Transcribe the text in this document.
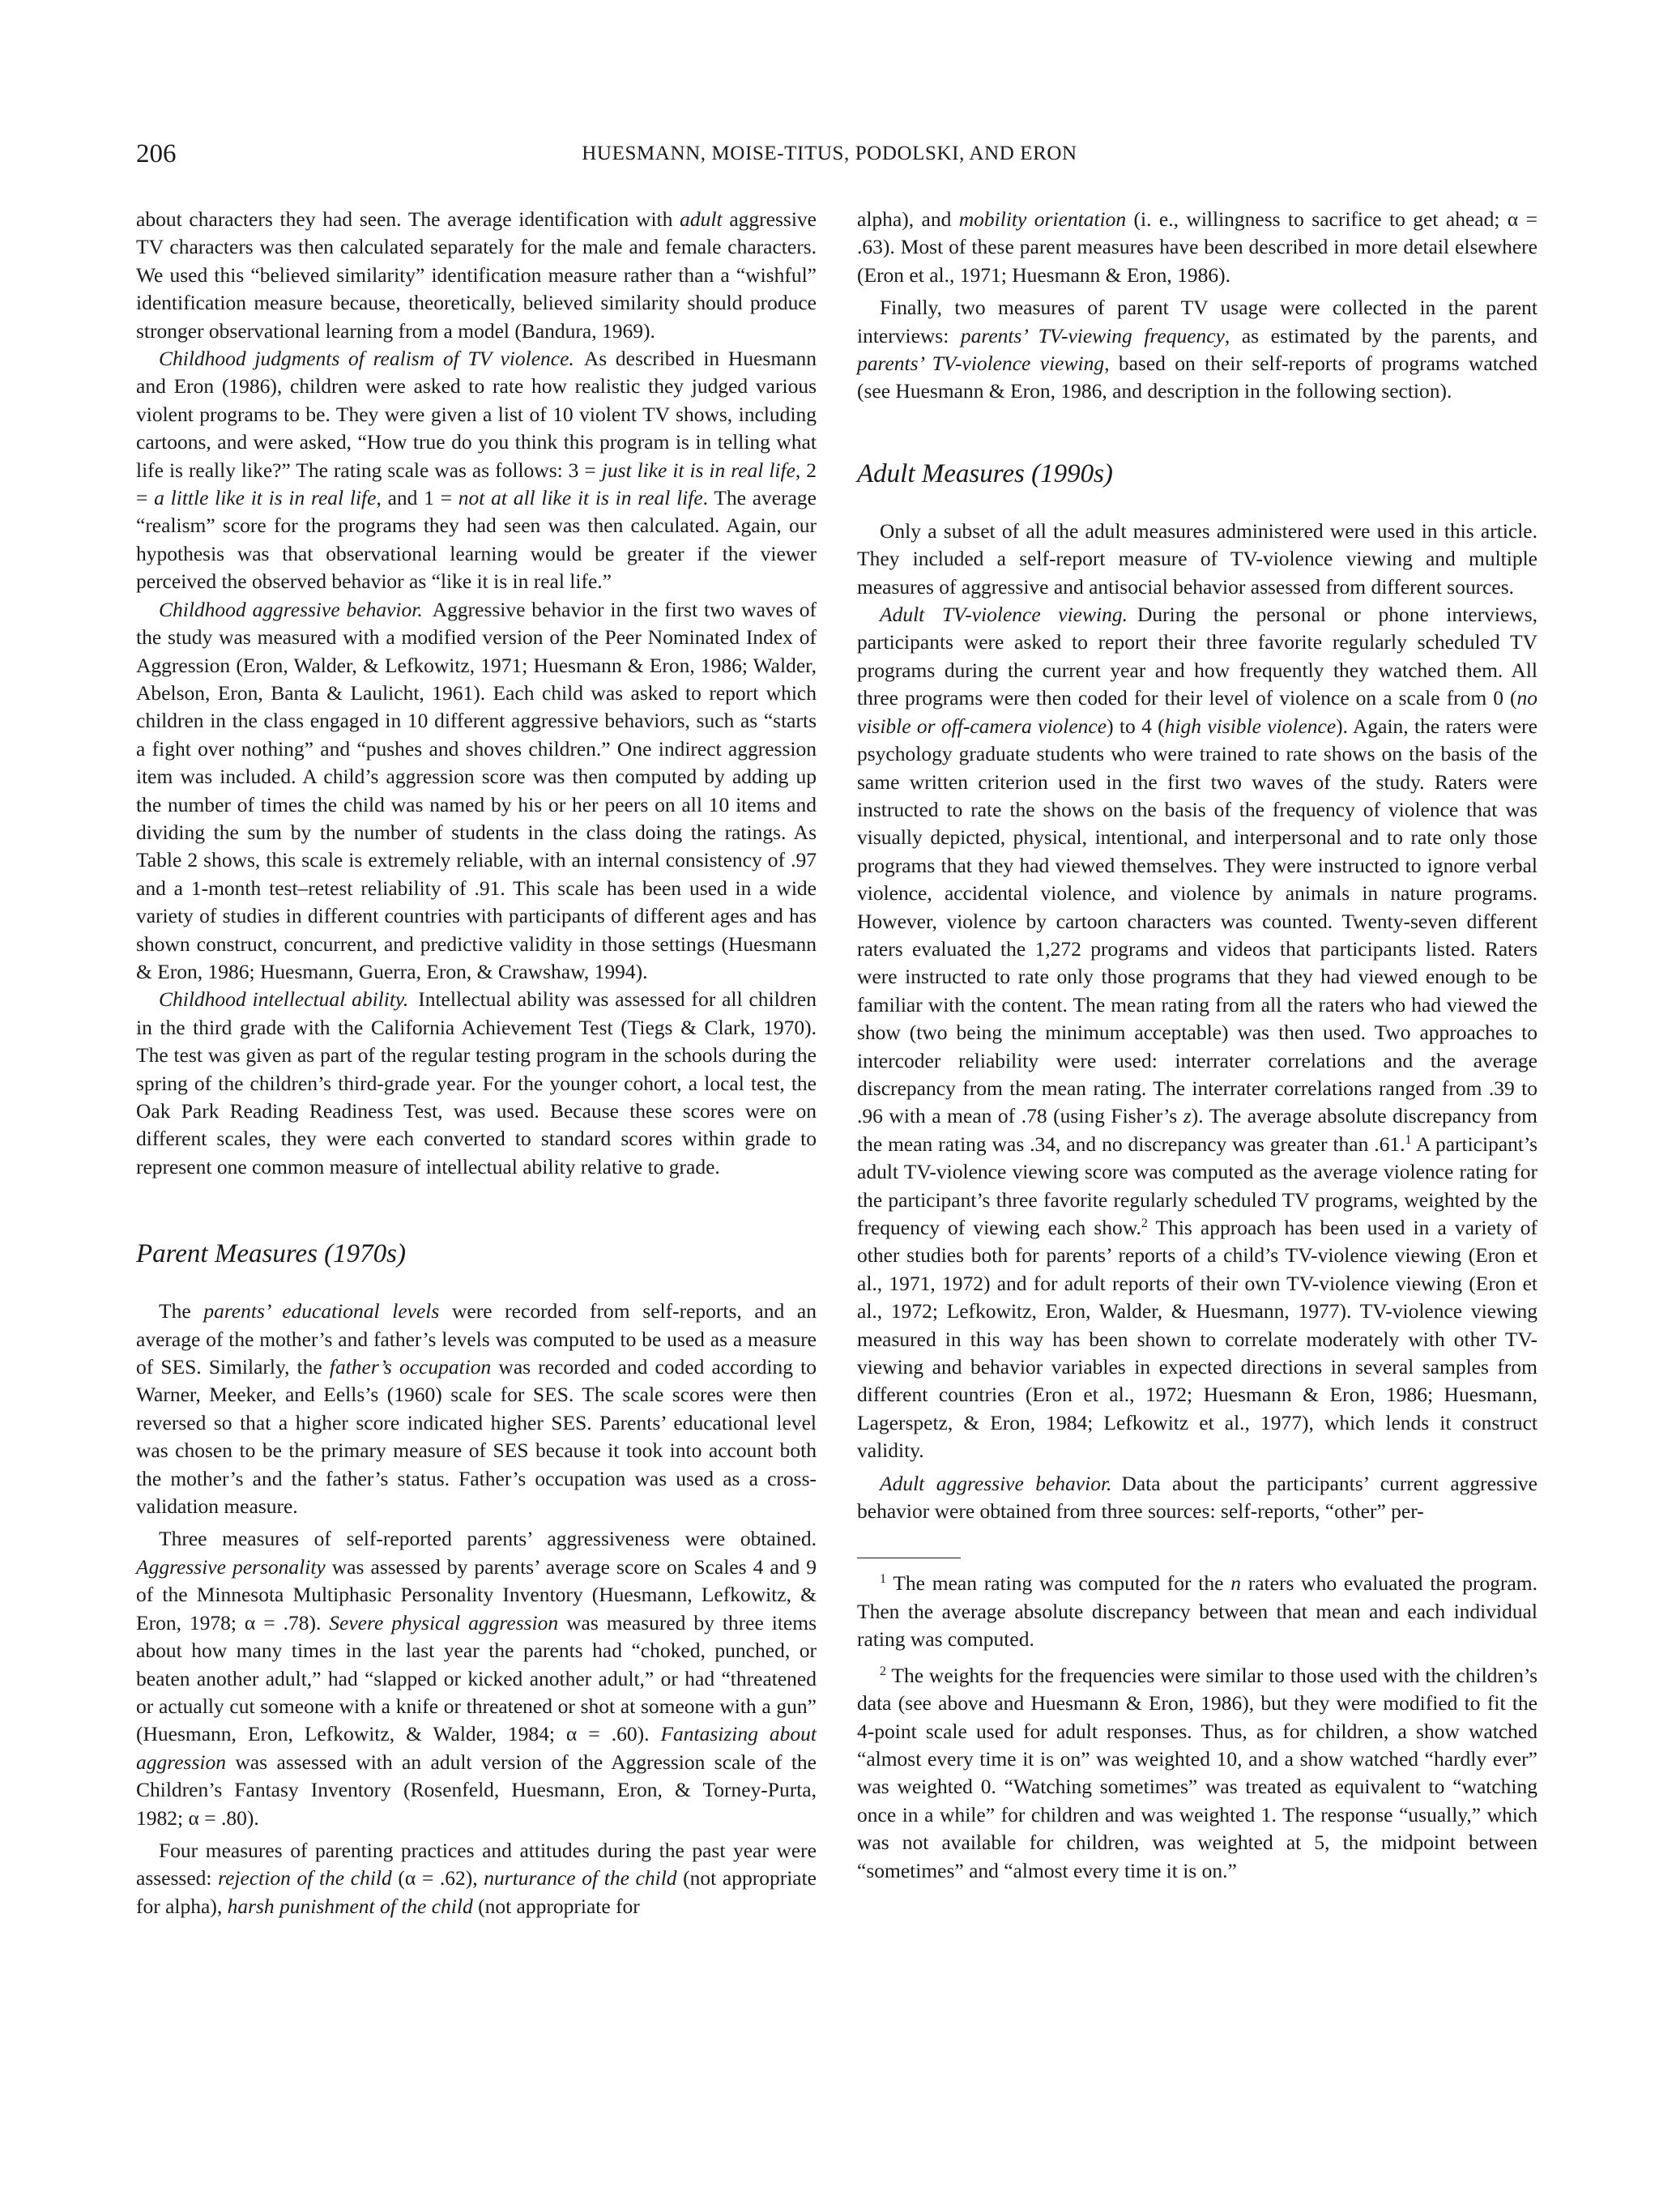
206	HUESMANN, MOISE-TITUS, PODOLSKI, AND ERON

about characters they had seen. The average identification with adult aggressive TV characters was then calculated separately for the male and female characters. We used this “believed similarity” identification measure rather than a “wishful” identification measure because, theoretically, believed similarity should produce stronger observational learning from a model (Bandura, 1969).

Childhood judgments of realism of TV violence. As described in Huesmann and Eron (1986), children were asked to rate how realistic they judged various violent programs to be. They were given a list of 10 violent TV shows, including cartoons, and were asked, “How true do you think this program is in telling what life is really like?” The rating scale was as follows: 3 = just like it is in real life, 2 = a little like it is in real life, and 1 = not at all like it is in real life. The average “realism” score for the programs they had seen was then calculated. Again, our hypothesis was that observational learning would be greater if the viewer perceived the observed behavior as “like it is in real life.”

Childhood aggressive behavior. Aggressive behavior in the first two waves of the study was measured with a modified version of the Peer Nominated Index of Aggression (Eron, Walder, & Lefkowitz, 1971; Huesmann & Eron, 1986; Walder, Abelson, Eron, Banta & Laulicht, 1961). Each child was asked to report which children in the class engaged in 10 different aggressive behaviors, such as “starts a fight over nothing” and “pushes and shoves children.” One indirect aggression item was included. A child’s aggression score was then computed by adding up the number of times the child was named by his or her peers on all 10 items and dividing the sum by the number of students in the class doing the ratings. As Table 2 shows, this scale is extremely reliable, with an internal consistency of .97 and a 1-month test–retest reliability of .91. This scale has been used in a wide variety of studies in different countries with participants of different ages and has shown construct, concurrent, and predictive validity in those settings (Huesmann & Eron, 1986; Huesmann, Guerra, Eron, & Crawshaw, 1994).

Childhood intellectual ability. Intellectual ability was assessed for all children in the third grade with the California Achievement Test (Tiegs & Clark, 1970). The test was given as part of the regular testing program in the schools during the spring of the children’s third-grade year. For the younger cohort, a local test, the Oak Park Reading Readiness Test, was used. Because these scores were on different scales, they were each converted to standard scores within grade to represent one common measure of intellectual ability relative to grade.

Parent Measures (1970s)

The parents’ educational levels were recorded from self-reports, and an average of the mother’s and father’s levels was computed to be used as a measure of SES. Similarly, the father’s occupation was recorded and coded according to Warner, Meeker, and Eells’s (1960) scale for SES. The scale scores were then reversed so that a higher score indicated higher SES. Parents’ educational level was chosen to be the primary measure of SES because it took into account both the mother’s and the father’s status. Father’s occupation was used as a cross-validation measure.

Three measures of self-reported parents’ aggressiveness were obtained. Aggressive personality was assessed by parents’ average score on Scales 4 and 9 of the Minnesota Multiphasic Personality Inventory (Huesmann, Lefkowitz, & Eron, 1978; α = .78). Severe physical aggression was measured by three items about how many times in the last year the parents had “choked, punched, or beaten another adult,” had “slapped or kicked another adult,” or had “threatened or actually cut someone with a knife or threatened or shot at someone with a gun” (Huesmann, Eron, Lefkowitz, & Walder, 1984; α = .60). Fantasizing about aggression was assessed with an adult version of the Aggression scale of the Children’s Fantasy Inventory (Rosenfeld, Huesmann, Eron, & Torney-Purta, 1982; α = .80).

Four measures of parenting practices and attitudes during the past year were assessed: rejection of the child (α = .62), nurturance of the child (not appropriate for alpha), harsh punishment of the child (not appropriate for

alpha), and mobility orientation (i. e., willingness to sacrifice to get ahead; α = .63). Most of these parent measures have been described in more detail elsewhere (Eron et al., 1971; Huesmann & Eron, 1986).

Finally, two measures of parent TV usage were collected in the parent interviews: parents’ TV-viewing frequency, as estimated by the parents, and parents’ TV-violence viewing, based on their self-reports of programs watched (see Huesmann & Eron, 1986, and description in the following section).

Adult Measures (1990s)

Only a subset of all the adult measures administered were used in this article. They included a self-report measure of TV-violence viewing and multiple measures of aggressive and antisocial behavior assessed from different sources.

Adult TV-violence viewing. During the personal or phone interviews, participants were asked to report their three favorite regularly scheduled TV programs during the current year and how frequently they watched them. All three programs were then coded for their level of violence on a scale from 0 (no visible or off-camera violence) to 4 (high visible violence). Again, the raters were psychology graduate students who were trained to rate shows on the basis of the same written criterion used in the first two waves of the study. Raters were instructed to rate the shows on the basis of the frequency of violence that was visually depicted, physical, intentional, and interpersonal and to rate only those programs that they had viewed themselves. They were instructed to ignore verbal violence, accidental violence, and violence by animals in nature programs. However, violence by cartoon characters was counted. Twenty-seven different raters evaluated the 1,272 programs and videos that participants listed. Raters were instructed to rate only those programs that they had viewed enough to be familiar with the content. The mean rating from all the raters who had viewed the show (two being the minimum acceptable) was then used. Two approaches to intercoder reliability were used: interrater correlations and the average discrepancy from the mean rating. The interrater correlations ranged from .39 to .96 with a mean of .78 (using Fisher’s z). The average absolute discrepancy from the mean rating was .34, and no discrepancy was greater than .61.$^1$ A participant’s adult TV-violence viewing score was computed as the average violence rating for the participant’s three favorite regularly scheduled TV programs, weighted by the frequency of viewing each show.$^2$ This approach has been used in a variety of other studies both for parents’ reports of a child’s TV-violence viewing (Eron et al., 1971, 1972) and for adult reports of their own TV-violence viewing (Eron et al., 1972; Lefkowitz, Eron, Walder, & Huesmann, 1977). TV-violence viewing measured in this way has been shown to correlate moderately with other TV-viewing and behavior variables in expected directions in several samples from different countries (Eron et al., 1972; Huesmann & Eron, 1986; Huesmann, Lagerspetz, & Eron, 1984; Lefkowitz et al., 1977), which lends it construct validity.

Adult aggressive behavior. Data about the participants’ current aggressive behavior were obtained from three sources: self-reports, “other” per-

$^1$ The mean rating was computed for the n raters who evaluated the program. Then the average absolute discrepancy between that mean and each individual rating was computed.

$^2$ The weights for the frequencies were similar to those used with the children’s data (see above and Huesmann & Eron, 1986), but they were modified to fit the 4-point scale used for adult responses. Thus, as for children, a show watched “almost every time it is on” was weighted 10, and a show watched “hardly ever” was weighted 0. “Watching sometimes” was treated as equivalent to “watching once in a while” for children and was weighted 1. The response “usually,” which was not available for children, was weighted at 5, the midpoint between “sometimes” and “almost every time it is on.”
